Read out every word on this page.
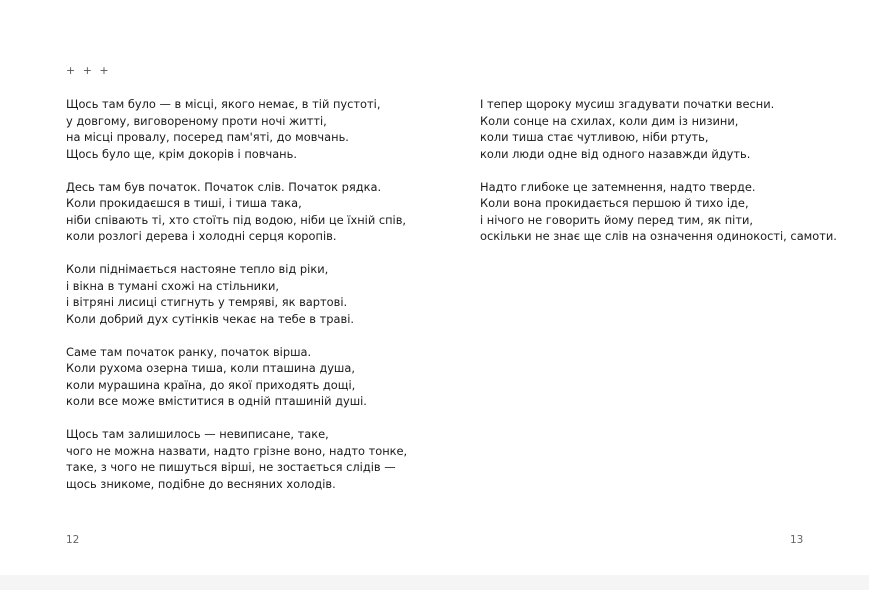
+ + +

Щось там було — в місці, якого немає, в тій пустоті,
у довгому, виговореному проти ночі житті,
на місці провалу, посеред пам'яті, до мовчань.
Щось було ще, крім докорів і повчань.

Десь там був початок. Початок слів. Початок рядка.
Коли прокидаєшся в тиші, і тиша така,
ніби співають ті, хто стоїть під водою, ніби це їхній спів,
коли розлогі дерева і холодні серця коропів.

Коли піднімається настояне тепло від ріки,
і вікна в тумані схожі на стільники,
і вітряні лисиці стигнуть у темряві, як вартові.
Коли добрий дух сутінків чекає на тебе в траві.

Саме там початок ранку, початок вірша.
Коли рухома озерна тиша, коли пташина душа,
коли мурашина країна, до якої приходять дощі,
коли все може вміститися в одній пташиній душі.

Щось там залишилось — невиписане, таке,
чого не можна назвати, надто грізне воно, надто тонке,
таке, з чого не пишуться вірші, не зостається слідів —
щось зникоме, подібне до весняних холодів.

12

І тепер щороку мусиш згадувати початки весни.
Коли сонце на схилах, коли дим із низини,
коли тиша стає чутливою, ніби ртуть,
коли люди одне від одного назавжди йдуть.

Надто глибоке це затемнення, надто тверде.
Коли вона прокидається першою й тихо іде,
і нічого не говорить йому перед тим, як піти,
оскільки не знає ще слів на означення одинокості, самоти.

13
